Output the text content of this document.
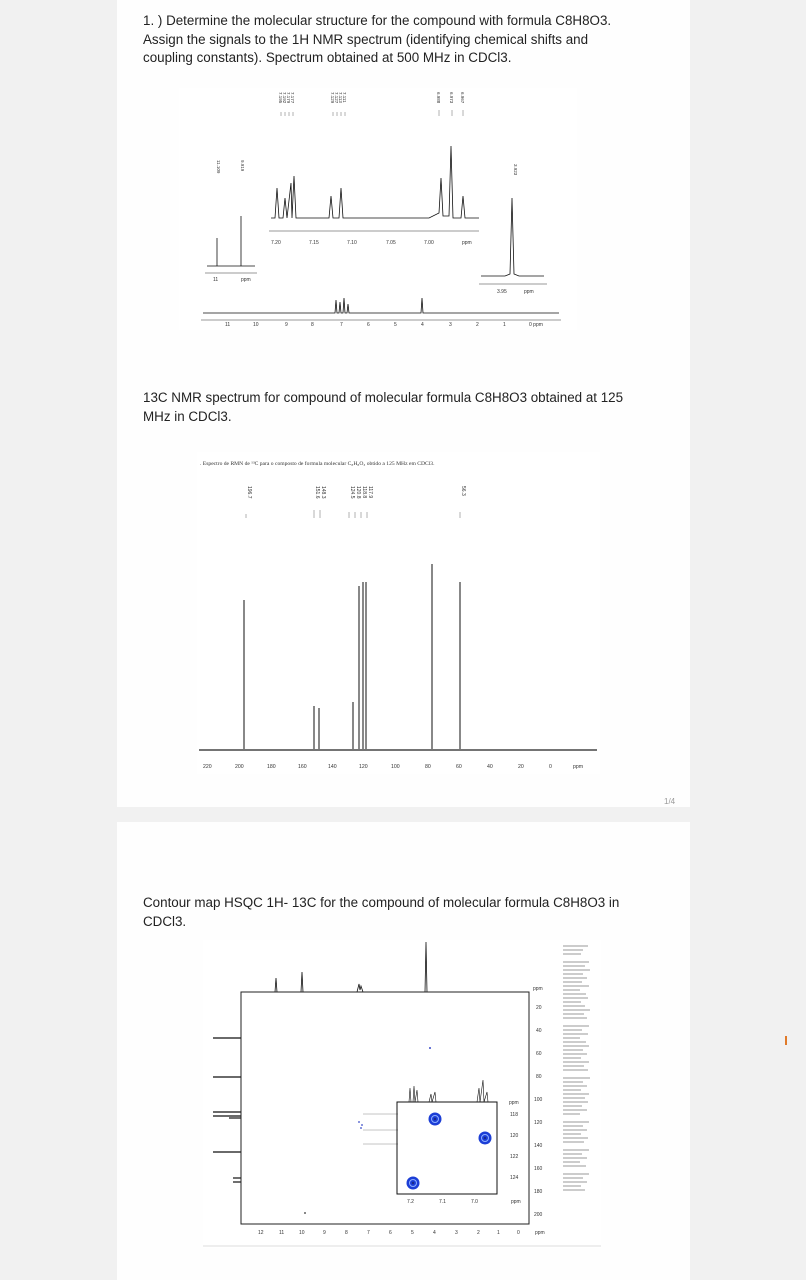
1. ) Determine the molecular structure for the compound with formula C8H8O3.
Assign the signals to the 1H NMR spectrum (identifying chemical shifts and
coupling constants). Spectrum obtained at 500 MHz in CDCl3.
7.195 7.192 7.179 7.177	7.129 7.127 7.113 7.111	6.988 6.973 6.967
11.109	9.919	3.923
7.20	7.15	7.10	7.05	7.00	ppm
11	ppm
3.95	ppm
11	10	9	8	7	6	5	4	3	2	1	0 ppm
13C NMR spectrum for compound of molecular formula C8H8O3 obtained at 125
MHz in CDCl3.
. Espectro de RMN de ¹³C para o composto de formula molecular C₈H₈O₃ obtido a 125 MHz em CDCl3.
196.7	151.6 148.3	124.5 120.8 118.8 117.9	56.3
220	200	180	160	140	120	100	80	60	40	20	0	ppm
1/4
Contour map HSQC 1H- 13C for the compound of molecular formula C8H8O3 in
CDCl3.
ppm
20
40
60
80
100
120
140
160
180
200
12	11	10	9	8	7	6	5	4	3	2	1	0	ppm
ppm
118
120
122
124
7.2	7.1	7.0	ppm
